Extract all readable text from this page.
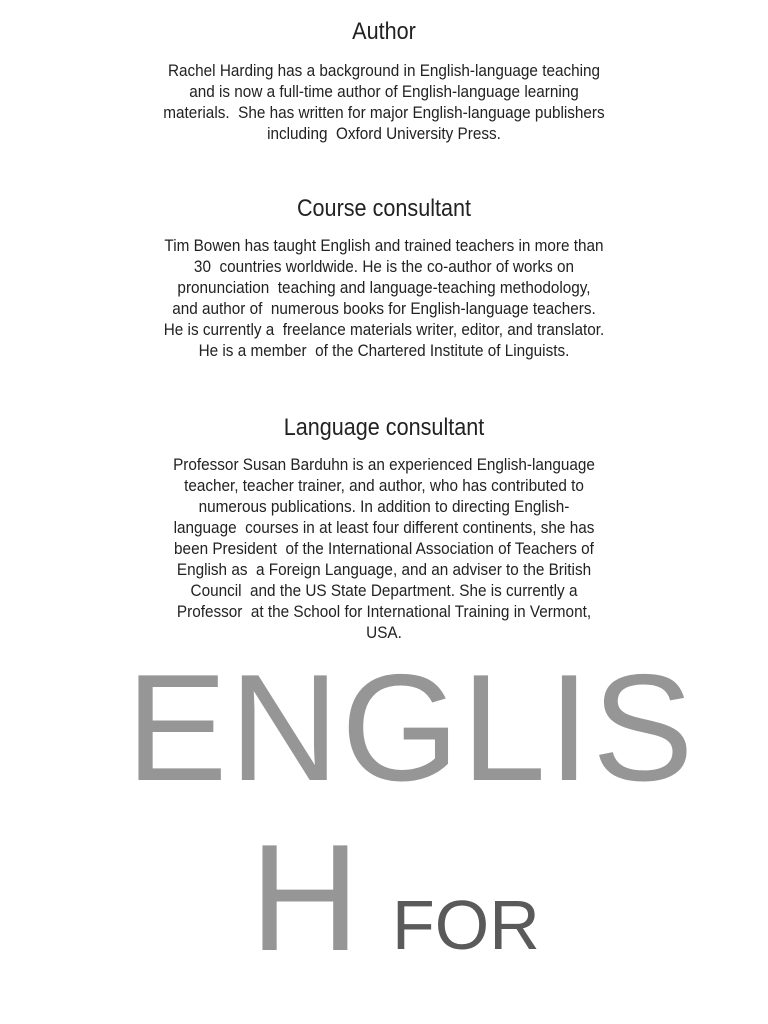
Author
Rachel Harding has a background in English-language teaching
and is now a full-time author of English-language learning
materials.  She has written for major English-language publishers
including  Oxford University Press.
Course consultant
Tim Bowen has taught English and trained teachers in more than
30  countries worldwide. He is the co-author of works on
pronunciation  teaching and language-teaching methodology,
and author of  numerous books for English-language teachers.
He is currently a  freelance materials writer, editor, and translator.
He is a member  of the Chartered Institute of Linguists.
Language consultant
Professor Susan Barduhn is an experienced English-language
teacher, teacher trainer, and author, who has contributed to
numerous publications. In addition to directing English-
language  courses in at least four different continents, she has
been President  of the International Association of Teachers of
English as  a Foreign Language, and an adviser to the British
Council  and the US State Department. She is currently a
Professor  at the School for International Training in Vermont,
USA.
ENGLIS
H FOR
